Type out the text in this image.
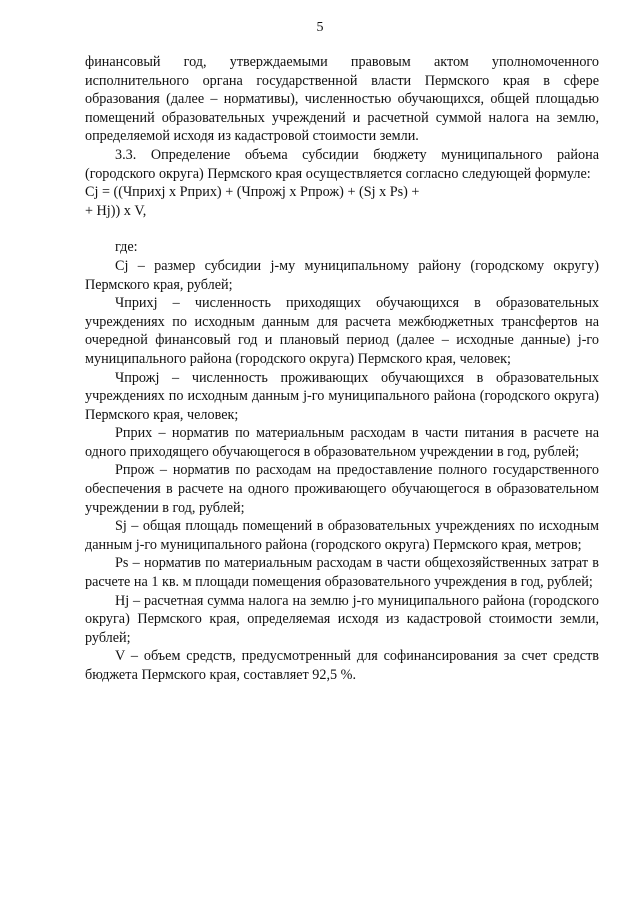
5

финансовый год, утверждаемыми правовым актом уполномоченного исполнительного органа государственной власти Пермского края в сфере образования (далее – нормативы), численностью обучающихся, общей площадью помещений образовательных учреждений и расчетной суммой налога на землю, определяемой исходя из кадастровой стоимости земли.

3.3. Определение объема субсидии бюджету муниципального района (городского округа) Пермского края осуществляется согласно следующей формуле:

Cj = ((Чприхj х Рприх) + (Чпрожj х Рпрож) + (Sj х Ps) +

+ Hj)) х V,

где:

Cj – размер субсидии j-му муниципальному району (городскому округу) Пермского края, рублей;

Чприхj – численность приходящих обучающихся в образовательных учреждениях по исходным данным для расчета межбюджетных трансфертов на очередной финансовый год и плановый период (далее – исходные данные) j-го муниципального района (городского округа) Пермского края, человек;

Чпрожj – численность проживающих обучающихся в образовательных учреждениях по исходным данным j-го муниципального района (городского округа) Пермского края, человек;

Рприх – норматив по материальным расходам в части питания в расчете на одного приходящего обучающегося в образовательном учреждении в год, рублей;

Рпрож – норматив по расходам на предоставление полного государственного обеспечения в расчете на одного проживающего обучающегося в образовательном учреждении в год, рублей;

Sj – общая площадь помещений в образовательных учреждениях по исходным данным j-го муниципального района (городского округа) Пермского края, метров;

Ps – норматив по материальным расходам в части общехозяйственных затрат в расчете на 1 кв. м площади помещения образовательного учреждения в год, рублей;

Hj – расчетная сумма налога на землю j-го муниципального района (городского округа) Пермского края, определяемая исходя из кадастровой стоимости земли, рублей;

V – объем средств, предусмотренный для софинансирования за счет средств бюджета Пермского края, составляет 92,5 %.
